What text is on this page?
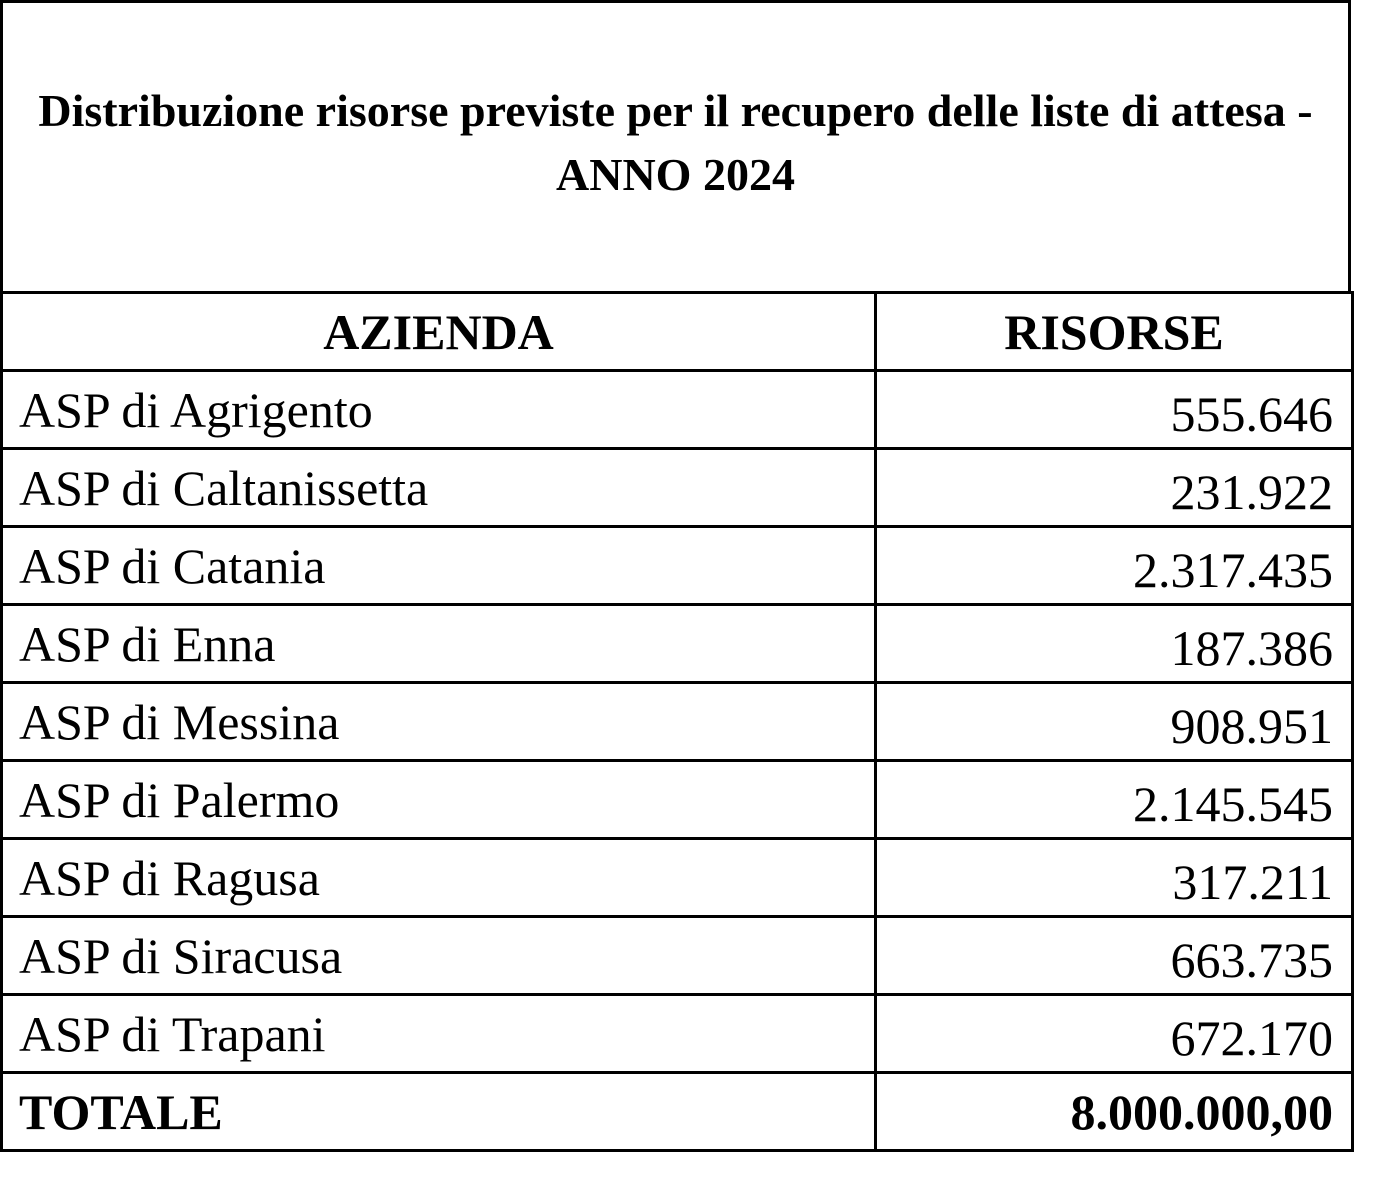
Distribuzione risorse previste per il recupero delle liste di attesa - ANNO 2024
AZIENDA	RISORSE
ASP di Agrigento	555.646
ASP di Caltanissetta	231.922
ASP di Catania	2.317.435
ASP di Enna	187.386
ASP di Messina	908.951
ASP di Palermo	2.145.545
ASP di Ragusa	317.211
ASP di Siracusa	663.735
ASP di Trapani	672.170
TOTALE	8.000.000,00
